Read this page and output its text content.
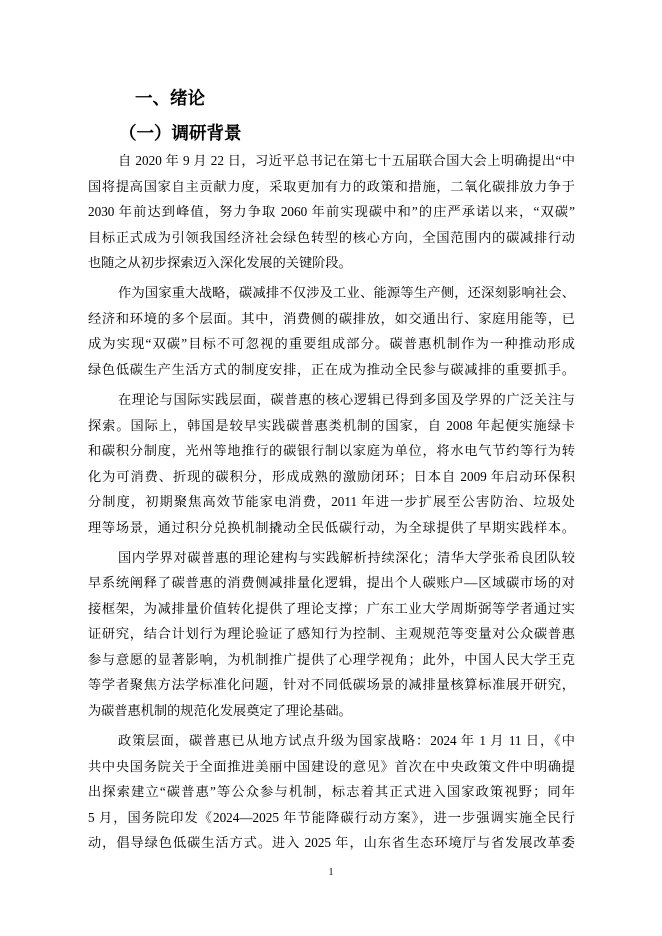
一、绪论
（一）调研背景
自 2020 年 9 月 22 日，习近平总书记在第七十五届联合国大会上明确提出“中
国将提高国家自主贡献力度，采取更加有力的政策和措施，二氧化碳排放力争于
2030 年前达到峰值，努力争取 2060 年前实现碳中和”的庄严承诺以来，“双碳”
目标正式成为引领我国经济社会绿色转型的核心方向，全国范围内的碳减排行动
也随之从初步探索迈入深化发展的关键阶段。
作为国家重大战略，碳减排不仅涉及工业、能源等生产侧，还深刻影响社会、
经济和环境的多个层面。其中，消费侧的碳排放，如交通出行、家庭用能等，已
成为实现“双碳”目标不可忽视的重要组成部分。碳普惠机制作为一种推动形成
绿色低碳生产生活方式的制度安排，正在成为推动全民参与碳减排的重要抓手。
在理论与国际实践层面，碳普惠的核心逻辑已得到多国及学界的广泛关注与
探索。国际上，韩国是较早实践碳普惠类机制的国家，自 2008 年起便实施绿卡
和碳积分制度，光州等地推行的碳银行制以家庭为单位，将水电气节约等行为转
化为可消费、折现的碳积分，形成成熟的激励闭环；日本自 2009 年启动环保积
分制度，初期聚焦高效节能家电消费，2011 年进一步扩展至公害防治、垃圾处
理等场景，通过积分兑换机制撬动全民低碳行动，为全球提供了早期实践样本。
国内学界对碳普惠的理论建构与实践解析持续深化；清华大学张希良团队较
早系统阐释了碳普惠的消费侧减排量化逻辑，提出个人碳账户—区域碳市场的对
接框架，为减排量价值转化提供了理论支撑；广东工业大学周斯弼等学者通过实
证研究，结合计划行为理论验证了感知行为控制、主观规范等变量对公众碳普惠
参与意愿的显著影响，为机制推广提供了心理学视角；此外，中国人民大学王克
等学者聚焦方法学标准化问题，针对不同低碳场景的减排量核算标准展开研究，
为碳普惠机制的规范化发展奠定了理论基础。
政策层面，碳普惠已从地方试点升级为国家战略：2024 年 1 月 11 日，《中
共中央国务院关于全面推进美丽中国建设的意见》首次在中央政策文件中明确提
出探索建立“碳普惠”等公众参与机制，标志着其正式进入国家政策视野；同年
5 月，国务院印发《2024—2025 年节能降碳行动方案》，进一步强调实施全民行
动，倡导绿色低碳生活方式。进入 2025 年，山东省生态环境厅与省发展改革委
1
